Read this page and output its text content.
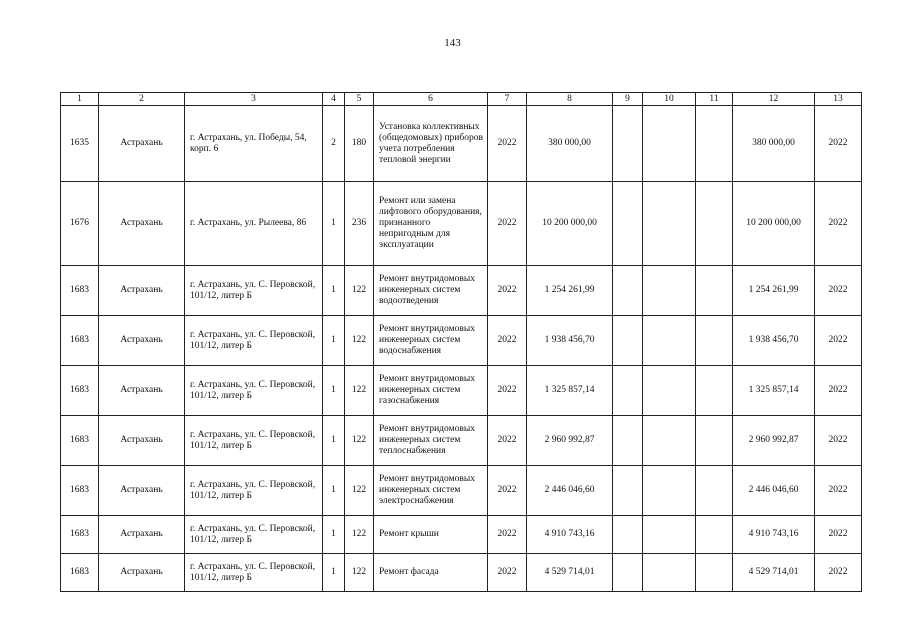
143
1	2	3	4	5	6	7	8	9	10	11	12	13
1635	Астрахань	г. Астрахань, ул. Победы, 54, корп. 6	2	180	Установка коллективных (общедомовых) приборов учета потребления тепловой энергии	2022	380 000,00				380 000,00	2022
1676	Астрахань	г. Астрахань, ул. Рылеева, 86	1	236	Ремонт или замена лифтового оборудования, признанного непригодным для эксплуатации	2022	10 200 000,00				10 200 000,00	2022
1683	Астрахань	г. Астрахань, ул. С. Перовской, 101/12, литер Б	1	122	Ремонт внутридомовых инженерных систем водоотведения	2022	1 254 261,99				1 254 261,99	2022
1683	Астрахань	г. Астрахань, ул. С. Перовской, 101/12, литер Б	1	122	Ремонт внутридомовых инженерных систем водоснабжения	2022	1 938 456,70				1 938 456,70	2022
1683	Астрахань	г. Астрахань, ул. С. Перовской, 101/12, литер Б	1	122	Ремонт внутридомовых инженерных систем газоснабжения	2022	1 325 857,14				1 325 857,14	2022
1683	Астрахань	г. Астрахань, ул. С. Перовской, 101/12, литер Б	1	122	Ремонт внутридомовых инженерных систем теплоснабжения	2022	2 960 992,87				2 960 992,87	2022
1683	Астрахань	г. Астрахань, ул. С. Перовской, 101/12, литер Б	1	122	Ремонт внутридомовых инженерных систем электроснабжения	2022	2 446 046,60				2 446 046,60	2022
1683	Астрахань	г. Астрахань, ул. С. Перовской, 101/12, литер Б	1	122	Ремонт крыши	2022	4 910 743,16				4 910 743,16	2022
1683	Астрахань	г. Астрахань, ул. С. Перовской, 101/12, литер Б	1	122	Ремонт фасада	2022	4 529 714,01				4 529 714,01	2022
